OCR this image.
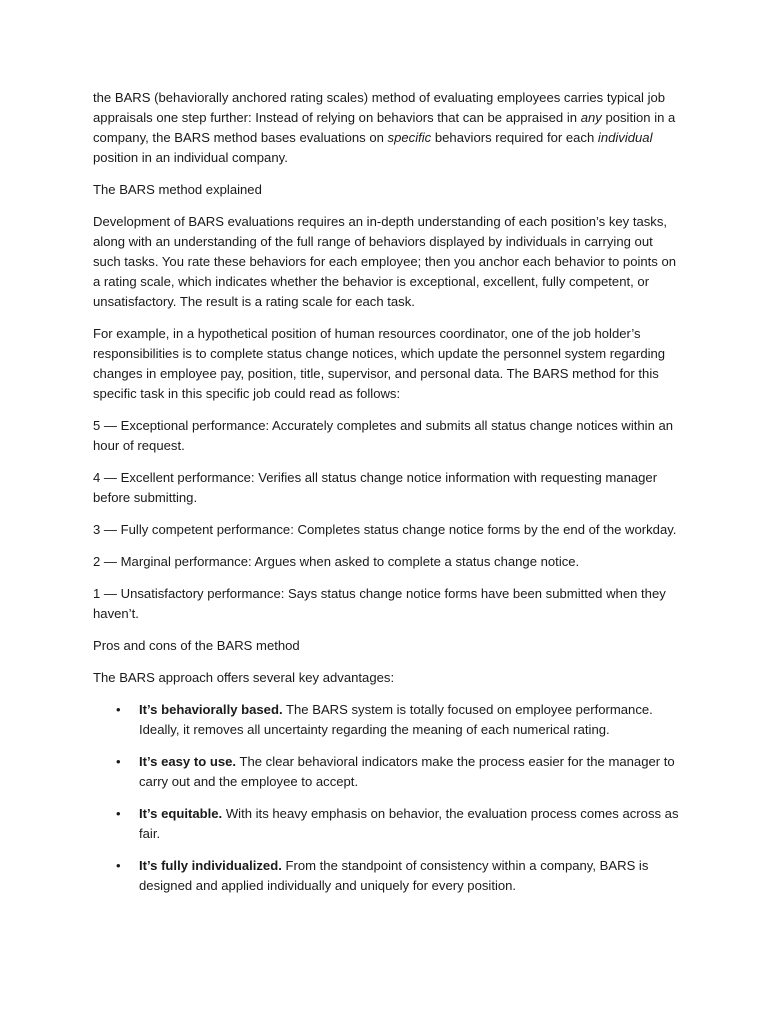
the BARS (behaviorally anchored rating scales) method of evaluating employees carries typical job appraisals one step further: Instead of relying on behaviors that can be appraised in any position in a company, the BARS method bases evaluations on specific behaviors required for each individual position in an individual company.

The BARS method explained

Development of BARS evaluations requires an in-depth understanding of each position’s key tasks, along with an understanding of the full range of behaviors displayed by individuals in carrying out such tasks. You rate these behaviors for each employee; then you anchor each behavior to points on a rating scale, which indicates whether the behavior is exceptional, excellent, fully competent, or unsatisfactory. The result is a rating scale for each task.

For example, in a hypothetical position of human resources coordinator, one of the job holder’s responsibilities is to complete status change notices, which update the personnel system regarding changes in employee pay, position, title, supervisor, and personal data. The BARS method for this specific task in this specific job could read as follows:

5 — Exceptional performance: Accurately completes and submits all status change notices within an hour of request.

4 — Excellent performance: Verifies all status change notice information with requesting manager before submitting.

3 — Fully competent performance: Completes status change notice forms by the end of the workday.

2 — Marginal performance: Argues when asked to complete a status change notice.

1 — Unsatisfactory performance: Says status change notice forms have been submitted when they haven’t.

Pros and cons of the BARS method

The BARS approach offers several key advantages:

• It’s behaviorally based. The BARS system is totally focused on employee performance. Ideally, it removes all uncertainty regarding the meaning of each numerical rating.
• It’s easy to use. The clear behavioral indicators make the process easier for the manager to carry out and the employee to accept.
• It’s equitable. With its heavy emphasis on behavior, the evaluation process comes across as fair.
• It’s fully individualized. From the standpoint of consistency within a company, BARS is designed and applied individually and uniquely for every position.
